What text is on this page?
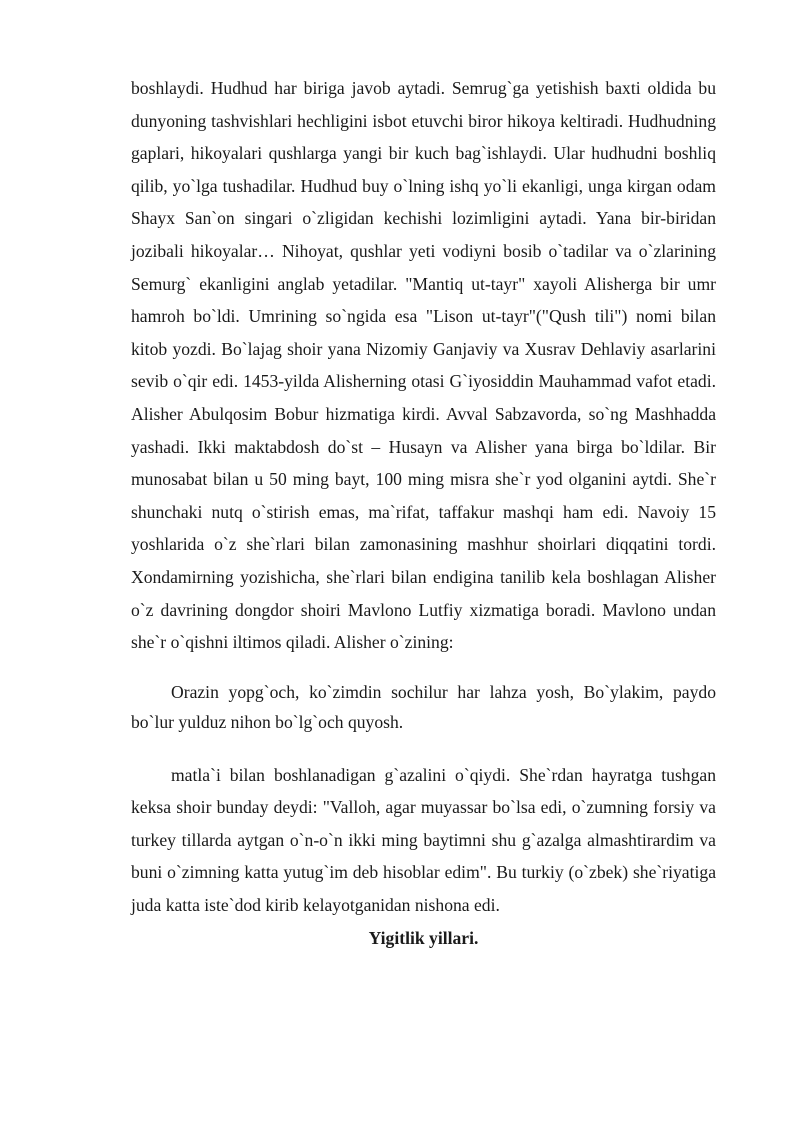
boshlaydi. Hudhud har biriga javob aytadi. Semrug`ga yetishish baxti oldida bu dunyoning tashvishlari hechligini isbot etuvchi biror hikoya keltiradi. Hudhudning gaplari, hikoyalari qushlarga yangi bir kuch bag`ishlaydi. Ular hudhudni boshliq qilib, yo`lga tushadilar. Hudhud buy o`lning ishq yo`li ekanligi, unga kirgan odam Shayx San`on singari o`zligidan kechishi lozimligini aytadi. Yana bir-biridan jozibali hikoyalar… Nihoyat, qushlar yeti vodiyni bosib o`tadilar va o`zlarining Semurg` ekanligini anglab yetadilar. "Mantiq ut-tayr" xayoli Alisherga bir umr hamroh bo`ldi. Umrining so`ngida esa "Lison ut-tayr"("Qush tili") nomi bilan kitob yozdi. Bo`lajag shoir yana Nizomiy Ganjaviy va Xusrav Dehlaviy asarlarini sevib o`qir edi. 1453-yilda Alisherning otasi G`iyosiddin Mauhammad vafot etadi. Alisher Abulqosim Bobur hizmatiga kirdi. Avval Sabzavorda, so`ng Mashhadda yashadi. Ikki maktabdosh do`st – Husayn va Alisher yana birga bo`ldilar. Bir munosabat bilan u 50 ming bayt, 100 ming misra she`r yod olganini aytdi. She`r shunchaki nutq o`stirish emas, ma`rifat, taffakur mashqi ham edi. Navoiy 15 yoshlarida o`z she`rlari bilan zamonasining mashhur shoirlari diqqatini tordi. Xondamirning yozishicha, she`rlari bilan endigina tanilib kela boshlagan Alisher o`z davrining dongdor shoiri Mavlono Lutfiy xizmatiga boradi. Mavlono undan she`r o`qishni iltimos qiladi. Alisher o`zining:

Orazin yopg`och, ko`zimdin sochilur har lahza yosh, Bo`ylakim, paydo bo`lur yulduz nihon bo`lg`och quyosh.

matla`i bilan boshlanadigan g`azalini o`qiydi. She`rdan hayratga tushgan keksa shoir bunday deydi: "Valloh, agar muyassar bo`lsa edi, o`zumning forsiy va turkey tillarda aytgan o`n-o`n ikki ming baytimni shu g`azalga almashtirardim va buni o`zimning katta yutug`im deb hisoblar edim". Bu turkiy (o`zbek) she`riyatiga juda katta iste`dod kirib kelayotganidan nishona edi.

Yigitlik yillari.
